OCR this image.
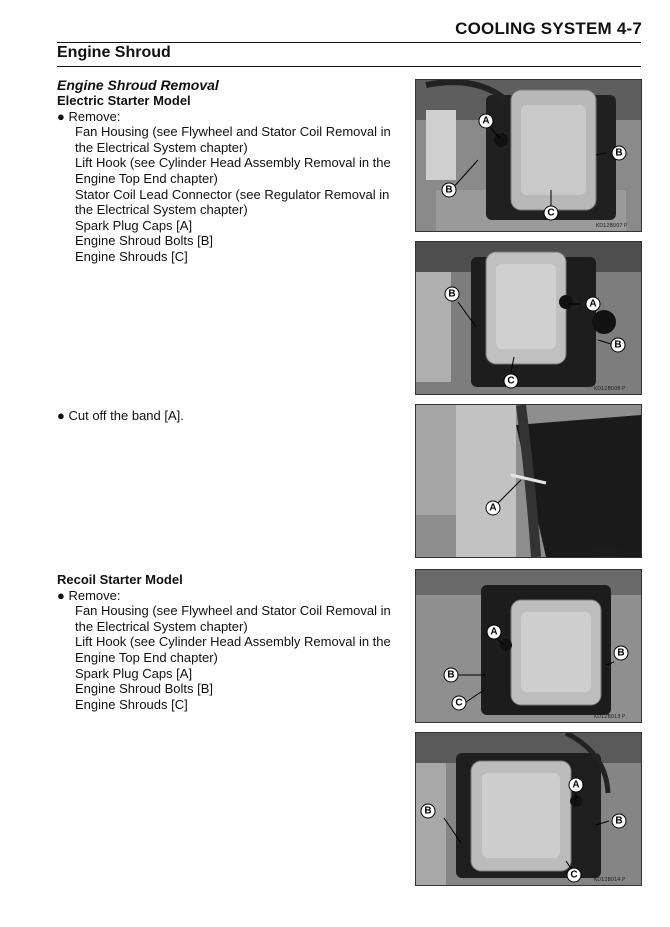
COOLING SYSTEM 4-7
Engine Shroud
Engine Shroud Removal
Electric Starter Model
● Remove:
Fan Housing (see Flywheel and Stator Coil Removal in the Electrical System chapter)
Lift Hook (see Cylinder Head Assembly Removal in the Engine Top End chapter)
Stator Coil Lead Connector (see Regulator Removal in the Electrical System chapter)
Spark Plug Caps [A]
Engine Shroud Bolts [B]
Engine Shrouds [C]
● Cut off the band [A].
Recoil Starter Model
● Remove:
Fan Housing (see Flywheel and Stator Coil Removal in the Electrical System chapter)
Lift Hook (see Cylinder Head Assembly Removal in the Engine Top End chapter)
Spark Plug Caps [A]
Engine Shroud Bolts [B]
Engine Shrouds [C]
A
B
B
C
KD12B007 P
B
A
B
C
KD12B008 P
A
KD12B012 P
A
B
B
C
KD12B013 P
A
B
B
C	KD12B014 P
